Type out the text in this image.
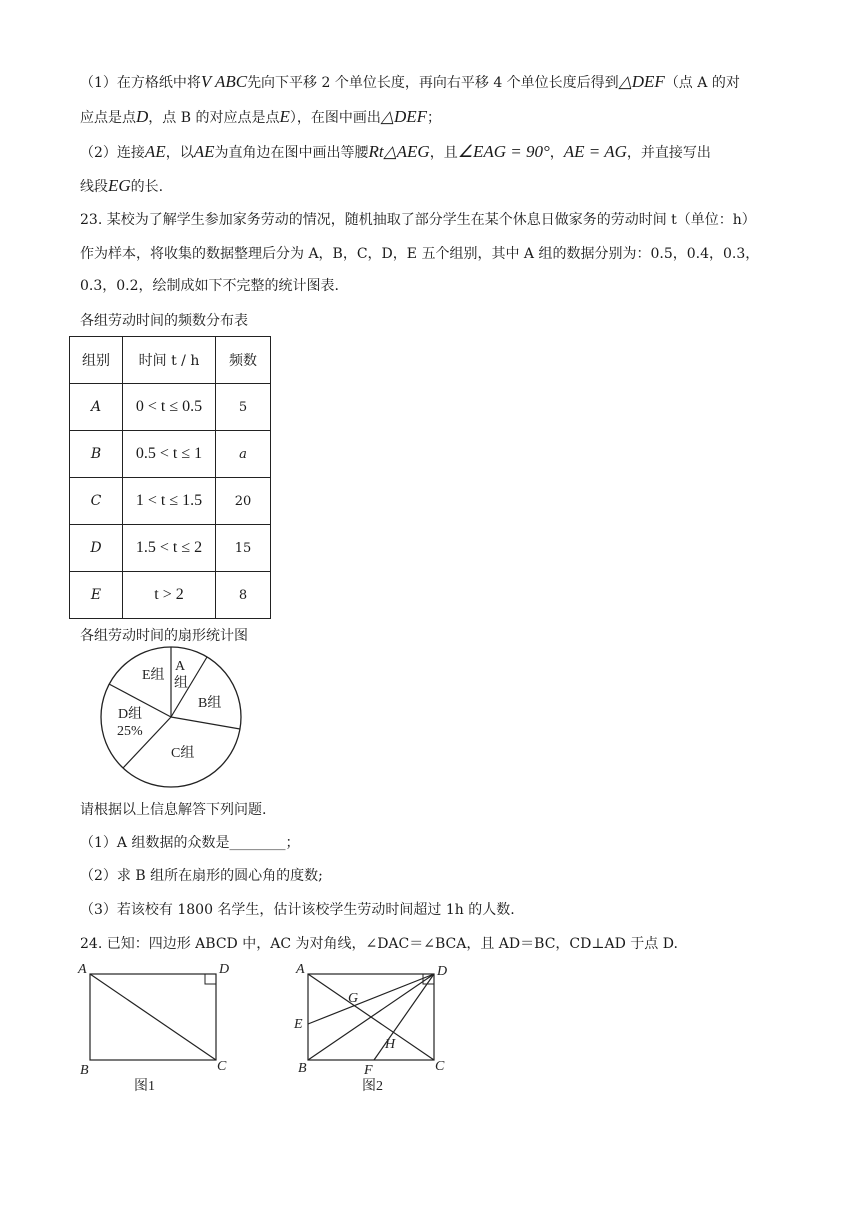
（1）在方格纸中将V ABC先向下平移 2 个单位长度，再向右平移 4 个单位长度后得到△DEF（点 A 的对
应点是点D，点 B 的对应点是点E），在图中画出△DEF；
（2）连接AE，以AE为直角边在图中画出等腰Rt△AEG，且∠EAG = 90°，AE = AG，并直接写出
线段EG的长.
23. 某校为了解学生参加家务劳动的情况，随机抽取了部分学生在某个休息日做家务的劳动时间 t（单位：h）
作为样本，将收集的数据整理后分为 A，B，C，D，E 五个组别，其中 A 组的数据分别为：0.5，0.4，0.3，
0.3，0.2，绘制成如下不完整的统计图表.
各组劳动时间的频数分布表
组别	时间 t / h	频数
A	0 < t ≤ 0.5	5
B	0.5 < t ≤ 1	a
C	1 < t ≤ 1.5	20
D	1.5 < t ≤ 2	15
E	t > 2	8
各组劳动时间的扇形统计图
A
组
B组
C组
D组
25%
E组
请根据以上信息解答下列问题.
（1）A 组数据的众数是________；
（2）求 B 组所在扇形的圆心角的度数;
（3）若该校有 1800 名学生，估计该校学生劳动时间超过 1h 的人数.
24. 已知：四边形 ABCD 中，AC 为对角线，∠DAC＝∠BCA，且 AD＝BC，CD⊥AD 于点 D.
A	D
B	C
图1
A	D
B	C
E
F
G
H
图2
